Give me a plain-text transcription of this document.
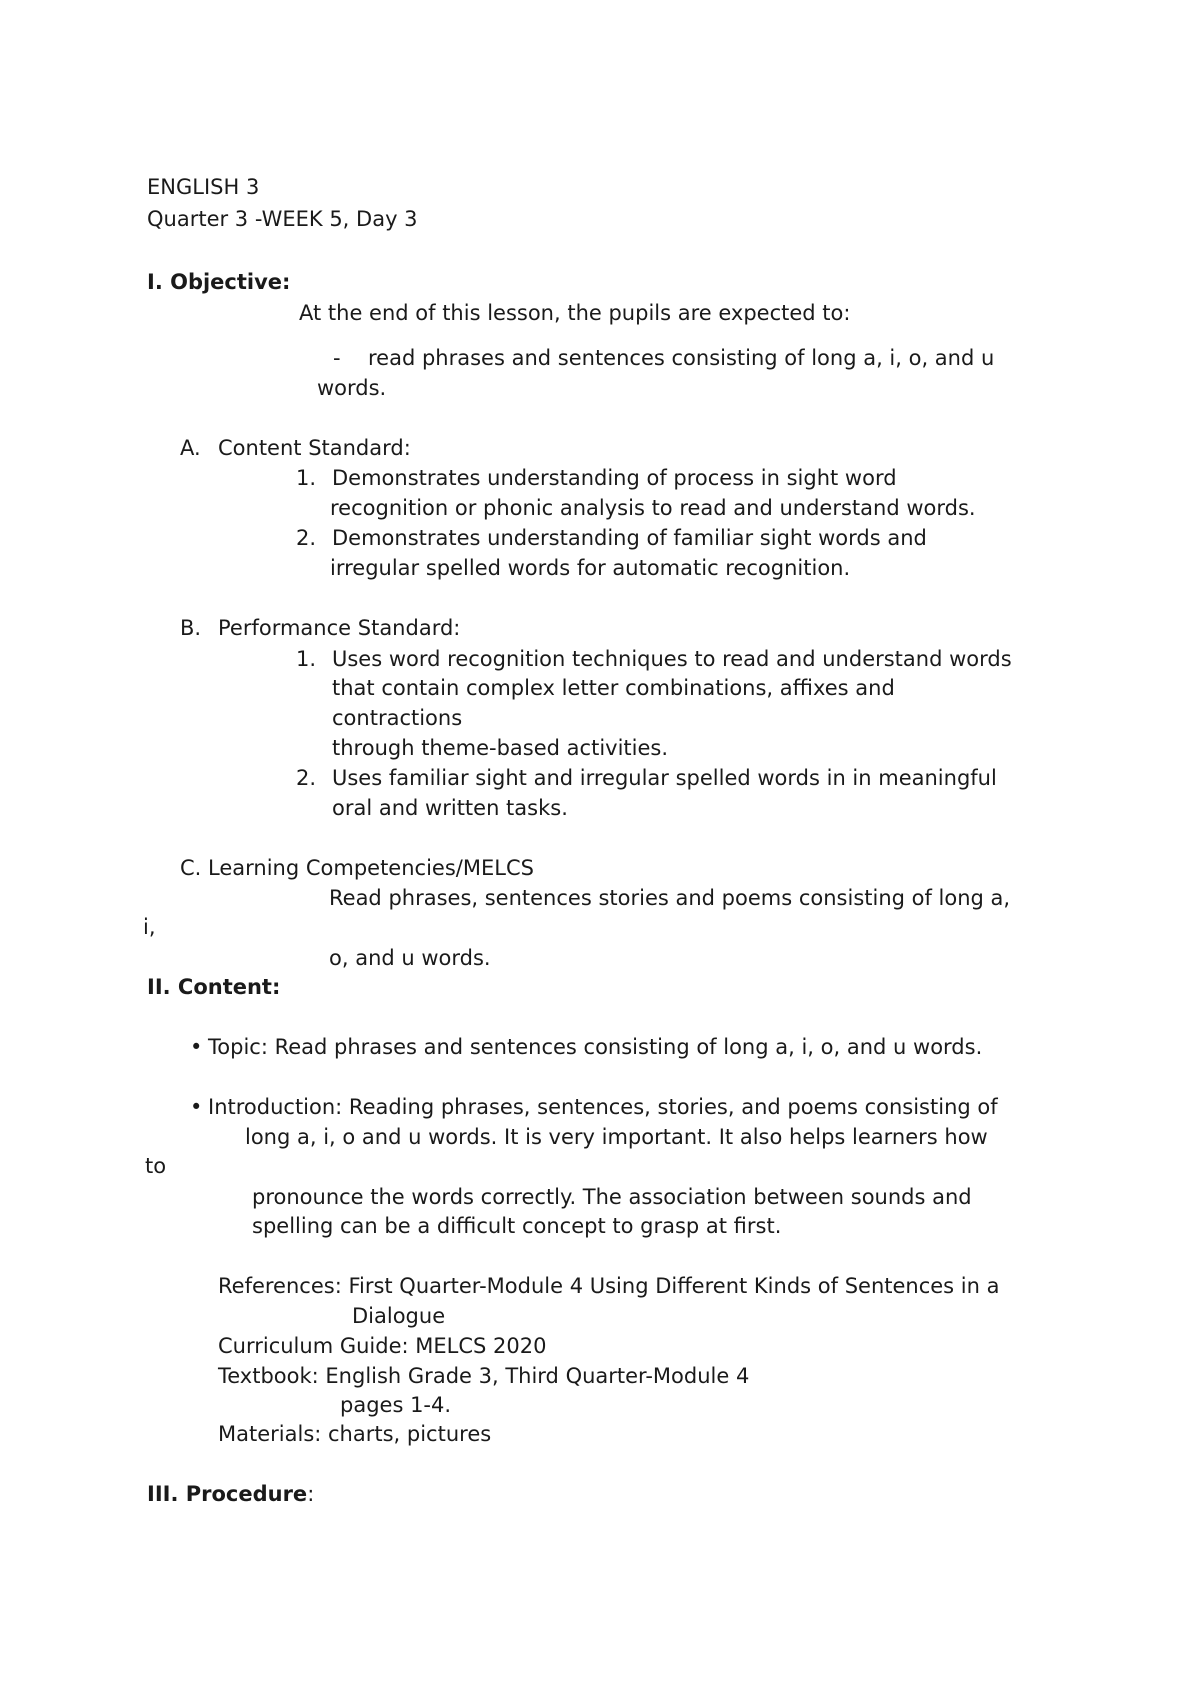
ENGLISH 3
Quarter 3 -WEEK 5, Day 3
I. Objective:
At the end of this lesson, the pupils are expected to:
- read phrases and sentences consisting of long a, i, o, and u
words.
A. Content Standard:
1. Demonstrates understanding of process in sight word
recognition or phonic analysis to read and understand words.
2. Demonstrates understanding of familiar sight words and
irregular spelled words for automatic recognition.
B. Performance Standard:
1. Uses word recognition techniques to read and understand words
that contain complex letter combinations, affixes and
contractions
through theme-based activities.
2. Uses familiar sight and irregular spelled words in in meaningful
oral and written tasks.
C. Learning Competencies/MELCS
Read phrases, sentences stories and poems consisting of long a,
i,
o, and u words.
II. Content:
• Topic: Read phrases and sentences consisting of long a, i, o, and u words.
• Introduction: Reading phrases, sentences, stories, and poems consisting of
long a, i, o and u words. It is very important. It also helps learners how
to
pronounce the words correctly. The association between sounds and
spelling can be a difficult concept to grasp at first.
References: First Quarter-Module 4 Using Different Kinds of Sentences in a
Dialogue
Curriculum Guide: MELCS 2020
Textbook: English Grade 3, Third Quarter-Module 4
pages 1-4.
Materials: charts, pictures
III. Procedure:
